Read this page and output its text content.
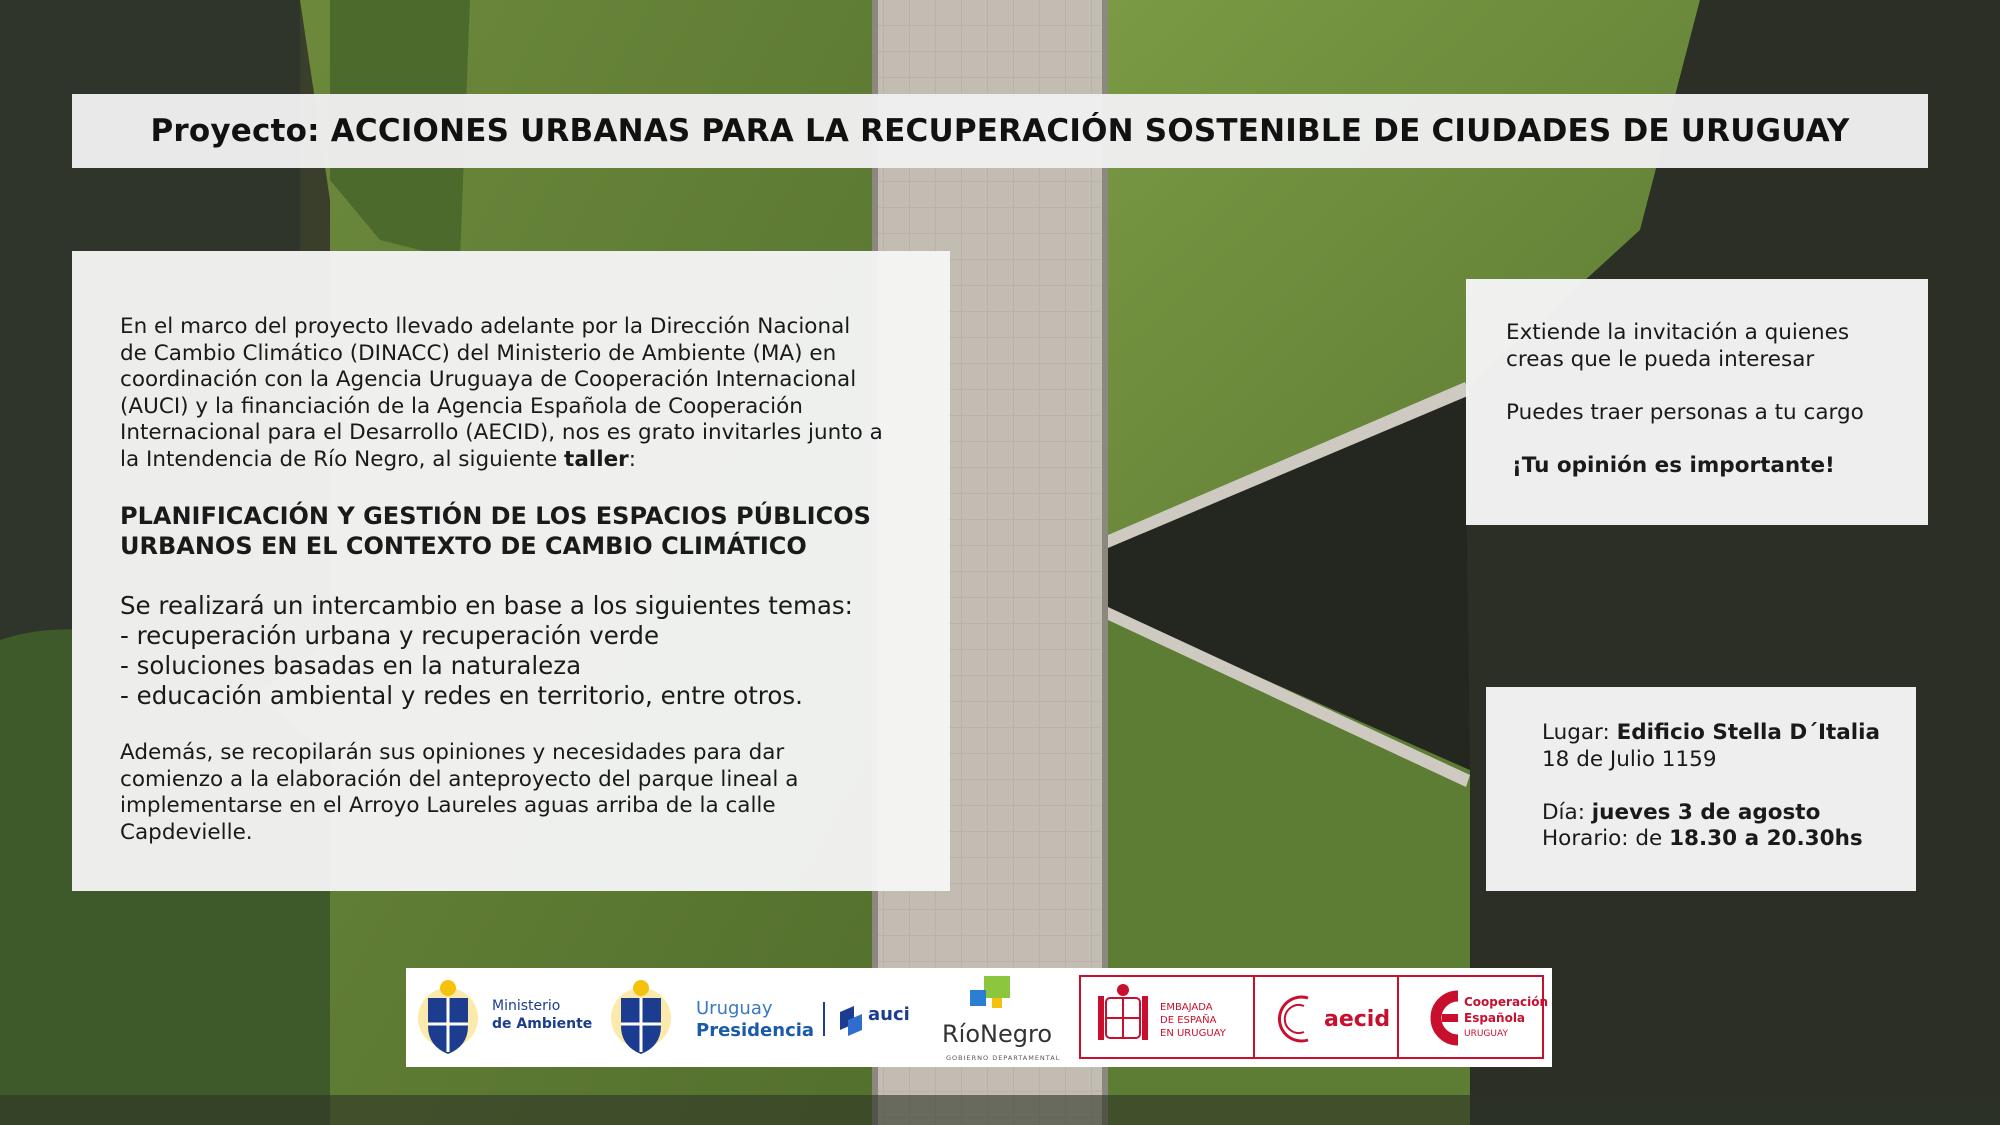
Proyecto: ACCIONES URBANAS PARA LA RECUPERACIÓN SOSTENIBLE DE CIUDADES DE URUGUAY

En el marco del proyecto llevado adelante por la Dirección Nacional
de Cambio Climático (DINACC) del Ministerio de Ambiente (MA) en
coordinación con la Agencia Uruguaya de Cooperación Internacional
(AUCI) y la financiación de la Agencia Española de Cooperación
Internacional para el Desarrollo (AECID), nos es grato invitarles junto a
la Intendencia de Río Negro, al siguiente taller:

PLANIFICACIÓN Y GESTIÓN DE LOS ESPACIOS PÚBLICOS
URBANOS EN EL CONTEXTO DE CAMBIO CLIMÁTICO

Se realizará un intercambio en base a los siguientes temas:

- recuperación urbana y recuperación verde

- soluciones basadas en la naturaleza

- educación ambiental y redes en territorio, entre otros.

Además, se recopilarán sus opiniones y necesidades para dar
comienzo a la elaboración del anteproyecto del parque lineal a
implementarse en el Arroyo Laureles aguas arriba de la calle
Capdevielle.

Extiende la invitación a quienes

creas que le pueda interesar

Puedes traer personas a tu cargo

¡Tu opinión es importante!

Lugar: Edificio Stella D´Italia

18 de Julio 1159

Día: jueves 3 de agosto

Horario: de 18.30 a 20.30hs

Ministerio
de Ambiente
Uruguay
Presidencia
auci
RíoNegro
GOBIERNO DEPARTAMENTAL
EMBAJADA
DE ESPAÑA
EN URUGUAY
aecid
Cooperación
Española
URUGUAY
